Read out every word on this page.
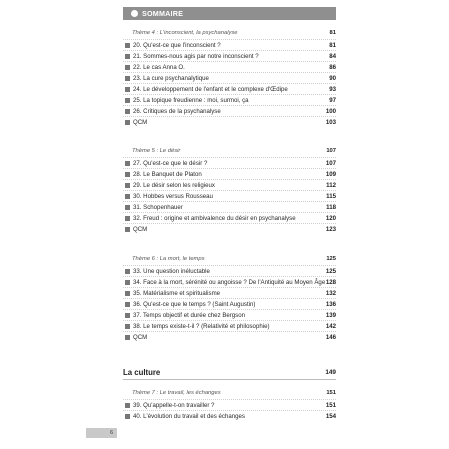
SOMMAIRE
Thème 4 : L'inconscient, la psychanalyse	81
20. Qu'est-ce que l'inconscient ?	81
21. Sommes-nous agis par notre inconscient ?	84
22. Le cas Anna O.	86
23. La cure psychanalytique	90
24. Le développement de l'enfant et le complexe d'Œdipe	93
25. La topique freudienne : moi, surmoi, ça	97
26. Critiques de la psychanalyse	100
QCM	103
Thème 5 : Le désir	107
27. Qu'est-ce que le désir ?	107
28. Le Banquet de Platon	109
29. Le désir selon les religieux	112
30. Hobbes versus Rousseau	115
31. Schopenhauer	118
32. Freud : origine et ambivalence du désir en psychanalyse	120
QCM	123
Thème 6 : La mort, le temps	125
33. Une question inéluctable	125
34. Face à la mort, sérénité ou angoisse ? De l'Antiquité au Moyen Âge 128
35. Matérialisme et spiritualisme	132
36. Qu'est-ce que le temps ? (Saint Augustin)	136
37. Temps objectif et durée chez Bergson	139
38. Le temps existe-t-il ? (Relativité et philosophie)	142
QCM	146
La culture	149
Thème 7 : Le travail, les échanges	151
39. Qu'appelle-t-on travailler ?	151
40. L'évolution du travail et des échanges	154
6
